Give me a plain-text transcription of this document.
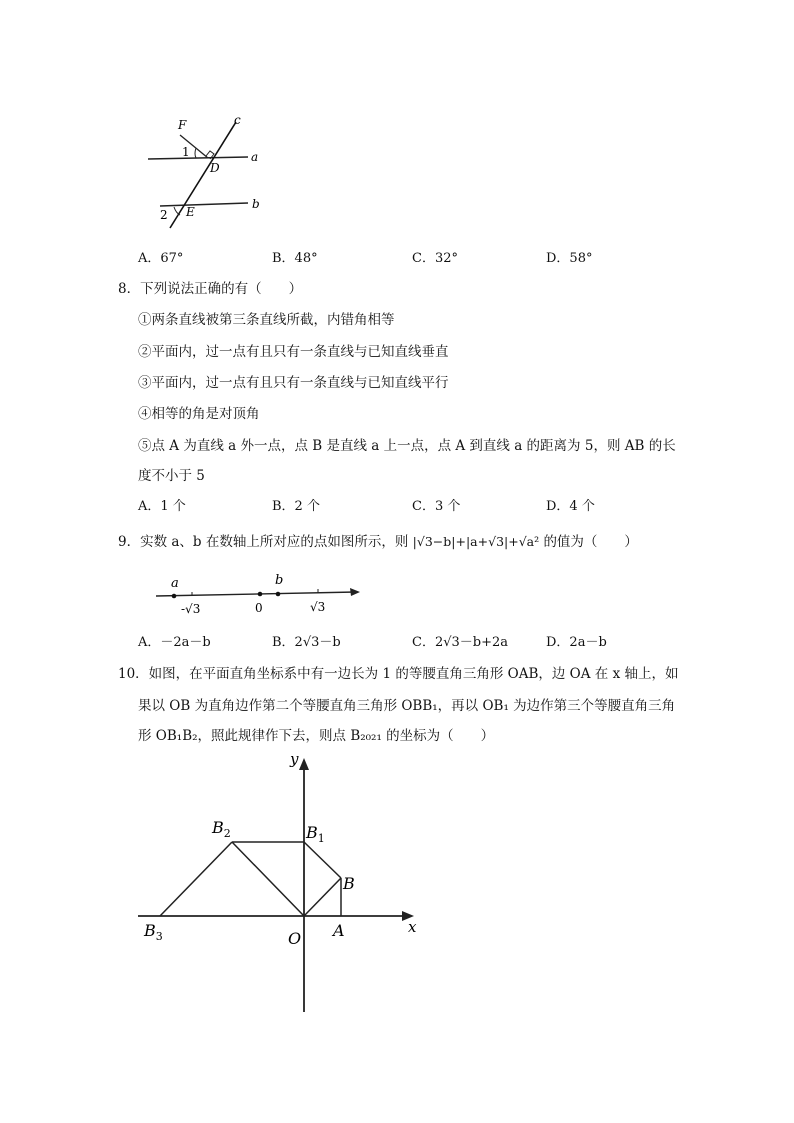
F	c
1
D
a
2 E
b
A．67°	B．48°	C．32°	D．58°
8．下列说法正确的有（　　）
①两条直线被第三条直线所截，内错角相等
②平面内，过一点有且只有一条直线与已知直线垂直
③平面内，过一点有且只有一条直线与已知直线平行
④相等的角是对顶角
⑤点 A 为直线 a 外一点，点 B 是直线 a 上一点，点 A 到直线 a 的距离为 5，则 AB 的长
度不小于 5
A．1 个	B．2 个	C．3 个	D．4 个
9．实数 a、b 在数轴上所对应的点如图所示，则 |√3−b|+|a+√3|+√a² 的值为（　　）
a	b
-√3	0	√3
A．－2a－b	B．2√3－b	C．2√3－b+2a	D．2a－b
10．如图，在平面直角坐标系中有一边长为 1 的等腰直角三角形 OAB，边 OA 在 x 轴上，如
果以 OB 为直角边作第二个等腰直角三角形 OBB₁，再以 OB₁ 为边作第三个等腰直角三角
形 OB₁B₂，照此规律作下去，则点 B₂₀₂₁ 的坐标为（　　）
y
x
O A
B
$B_1$
$B_2$
$B_3$
